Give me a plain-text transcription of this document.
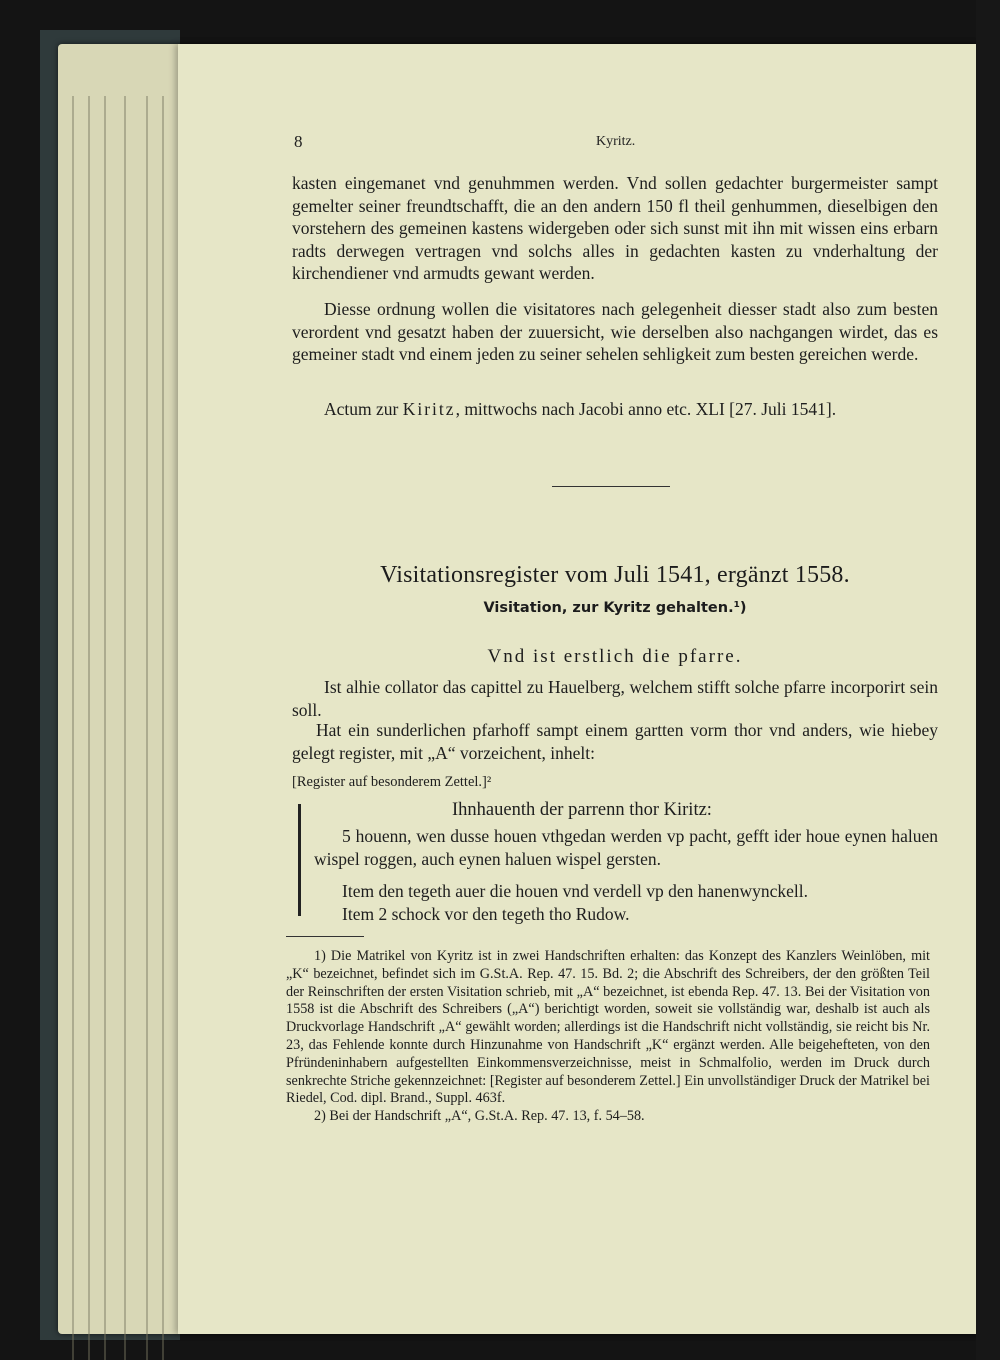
8	Kyritz.
kasten eingemanet vnd genuhmmen werden. Vnd sollen gedachter burgermeister sampt gemelter seiner freundtschafft, die an den andern 150 fl theil genhummen, dieselbigen den vorstehern des gemeinen kastens widergeben oder sich sunst mit ihn mit wissen eins erbarn radts derwegen vertragen vnd solchs alles in gedachten kasten zu vnderhaltung der kirchendiener vnd armudts gewant werden.
Diesse ordnung wollen die visitatores nach gelegenheit diesser stadt also zum besten verordent vnd gesatzt haben der zuuersicht, wie derselben also nachgangen wirdet, das es gemeiner stadt vnd einem jeden zu seiner sehelen sehligkeit zum besten gereichen werde.
Actum zur Kiritz, mittwochs nach Jacobi anno etc. XLI [27. Juli 1541].
Visitationsregister vom Juli 1541, ergänzt 1558.
Visitation, zur Kyritz gehalten.¹)
Vnd ist erstlich die pfarre.
Ist alhie collator das capittel zu Hauelberg, welchem stifft solche pfarre incorporirt sein soll.
Hat ein sunderlichen pfarhoff sampt einem gartten vorm thor vnd anders, wie hiebey gelegt register, mit „A“ vorzeichent, inhelt:
[Register auf besonderem Zettel.]²
Ihnhauenth der parrenn thor Kiritz:
5 houenn, wen dusse houen vthgedan werden vp pacht, gefft ider houe eynen haluen wispel roggen, auch eynen haluen wispel gersten.
Item den tegeth auer die houen vnd verdell vp den hanenwynckell.
Item 2 schock vor den tegeth tho Rudow.

1) Die Matrikel von Kyritz ist in zwei Handschriften erhalten: das Konzept des Kanzlers Weinlöben, mit „K“ bezeichnet, befindet sich im G.St.A. Rep. 47. 15. Bd. 2; die Abschrift des Schreibers, der den größten Teil der Reinschriften der ersten Visitation schrieb, mit „A“ bezeichnet, ist ebenda Rep. 47. 13. Bei der Visitation von 1558 ist die Abschrift des Schreibers („A“) berichtigt worden, soweit sie vollständig war, deshalb ist auch als Druckvorlage Handschrift „A“ gewählt worden; allerdings ist die Handschrift nicht vollständig, sie reicht bis Nr. 23, das Fehlende konnte durch Hinzunahme von Handschrift „K“ ergänzt werden. Alle beigehefteten, von den Pfründeninhabern aufgestellten Einkommensverzeichnisse, meist in Schmalfolio, werden im Druck durch senkrechte Striche gekennzeichnet: [Register auf besonderem Zettel.] Ein unvollständiger Druck der Matrikel bei Riedel, Cod. dipl. Brand., Suppl. 463f.

2) Bei der Handschrift „A“, G.St.A. Rep. 47. 13, f. 54–58.
